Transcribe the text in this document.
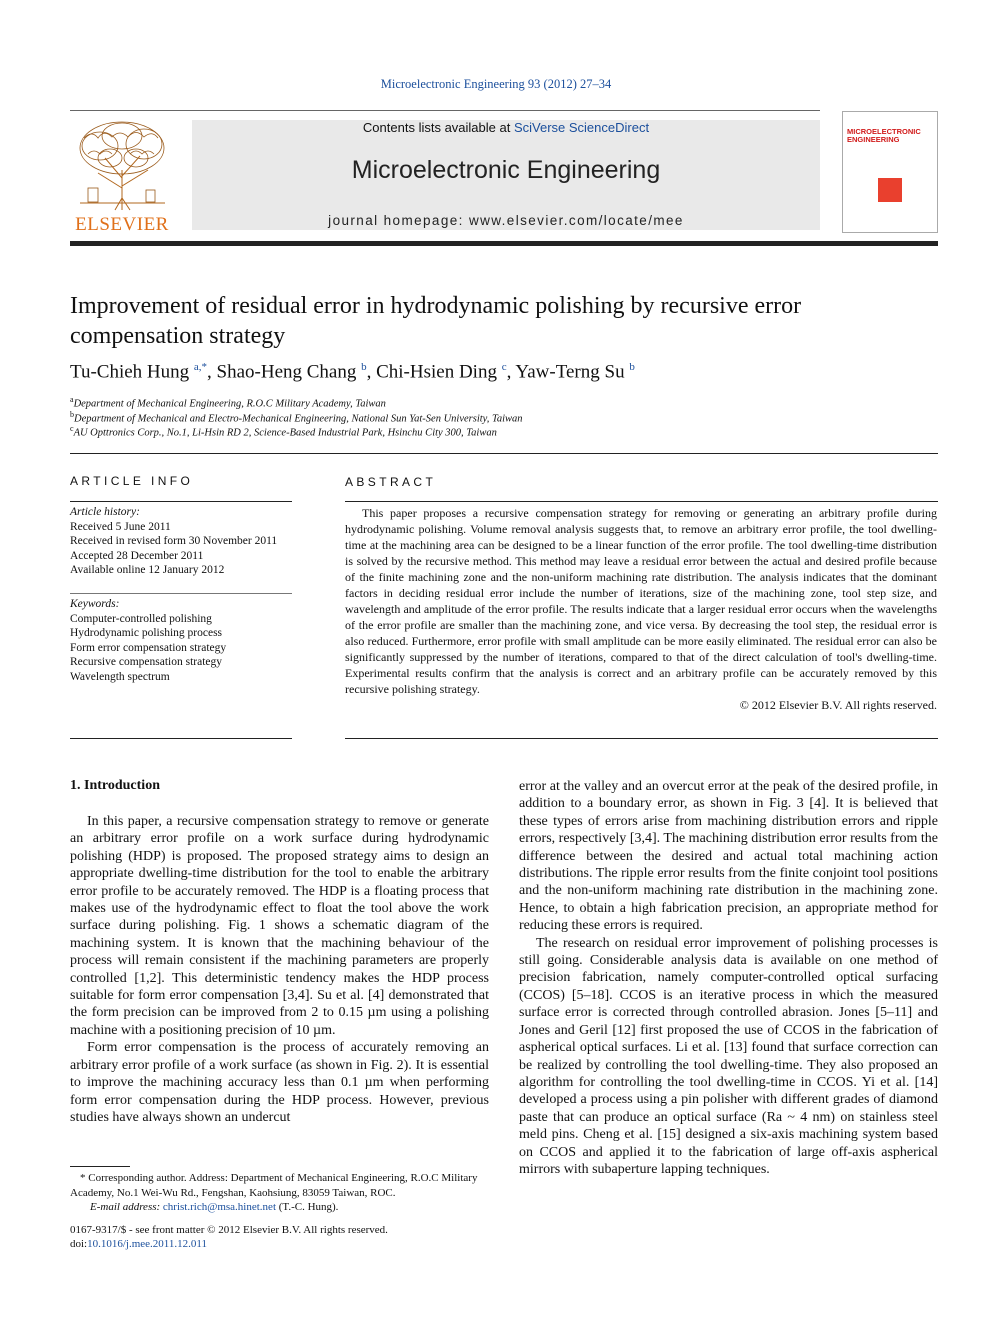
Microelectronic Engineering 93 (2012) 27–34
ELSEVIER
Contents lists available at SciVerse ScienceDirect
Microelectronic Engineering
journal homepage: www.elsevier.com/locate/mee
MICROELECTRONIC ENGINEERING
Improvement of residual error in hydrodynamic polishing by recursive error compensation strategy
Tu-Chieh Hung $^{a,*}$, Shao-Heng Chang $^b$, Chi-Hsien Ding $^c$, Yaw-Terng Su $^b$
$^a$Department of Mechanical Engineering, R.O.C Military Academy, Taiwan
$^b$Department of Mechanical and Electro-Mechanical Engineering, National Sun Yat-Sen University, Taiwan
$^c$AU Opttronics Corp., No.1, Li-Hsin RD 2, Science-Based Industrial Park, Hsinchu City 300, Taiwan
ARTICLE INFO
Article history:
Received 5 June 2011
Received in revised form 30 November 2011
Accepted 28 December 2011
Available online 12 January 2012
Keywords:
Computer-controlled polishing
Hydrodynamic polishing process
Form error compensation strategy
Recursive compensation strategy
Wavelength spectrum
ABSTRACT
This paper proposes a recursive compensation strategy for removing or generating an arbitrary profile during hydrodynamic polishing. Volume removal analysis suggests that, to remove an arbitrary error profile, the tool dwelling-time at the machining area can be designed to be a linear function of the error profile. The tool dwelling-time distribution is solved by the recursive method. This method may leave a residual error between the actual and desired profile because of the finite machining zone and the non-uniform machining rate distribution. The analysis indicates that the dominant factors in deciding residual error include the number of iterations, size of the machining zone, tool step size, and wavelength and amplitude of the error profile. The results indicate that a larger residual error occurs when the wavelengths of the error profile are smaller than the machining zone, and vice versa. By decreasing the tool step, the residual error is also reduced. Furthermore, error profile with small amplitude can be more easily eliminated. The residual error can also be significantly suppressed by the number of iterations, compared to that of the direct calculation of tool's dwelling-time. Experimental results confirm that the analysis is correct and an arbitrary profile can be accurately removed by this recursive polishing strategy.
© 2012 Elsevier B.V. All rights reserved.
1. Introduction

In this paper, a recursive compensation strategy to remove or generate an arbitrary error profile on a work surface during hydrodynamic polishing (HDP) is proposed. The proposed strategy aims to design an appropriate dwelling-time distribution for the tool to enable the arbitrary error profile to be accurately removed. The HDP is a floating process that makes use of the hydrodynamic effect to float the tool above the work surface during polishing. Fig. 1 shows a schematic diagram of the machining system. It is known that the machining behaviour of the process will remain consistent if the machining parameters are properly controlled [1,2]. This deterministic tendency makes the HDP process suitable for form error compensation [3,4]. Su et al. [4] demonstrated that the form precision can be improved from 2 to 0.15 µm using a polishing machine with a positioning precision of 10 µm.

Form error compensation is the process of accurately removing an arbitrary error profile of a work surface (as shown in Fig. 2). It is essential to improve the machining accuracy less than 0.1 µm when performing form error compensation during the HDP process. However, previous studies have always shown an undercut

error at the valley and an overcut error at the peak of the desired profile, in addition to a boundary error, as shown in Fig. 3 [4]. It is believed that these types of errors arise from machining distribution errors and ripple errors, respectively [3,4]. The machining distribution error results from the difference between the desired and actual total machining action distributions. The ripple error results from the finite conjoint tool positions and the non-uniform machining rate distribution in the machining zone. Hence, to obtain a high fabrication precision, an appropriate method for reducing these errors is required.

The research on residual error improvement of polishing processes is still going. Considerable analysis data is available on one method of precision fabrication, namely computer-controlled optical surfacing (CCOS) [5–18]. CCOS is an iterative process in which the measured surface error is corrected through controlled abrasion. Jones [5–11] and Jones and Geril [12] first proposed the use of CCOS in the fabrication of aspherical optical surfaces. Li et al. [13] found that surface correction can be realized by controlling the tool dwelling-time. They also proposed an algorithm for controlling the tool dwelling-time in CCOS. Yi et al. [14] developed a process using a pin polisher with different grades of diamond paste that can produce an optical surface (Ra ~ 4 nm) on stainless steel meld pins. Cheng et al. [15] designed a six-axis machining system based on CCOS and applied it to the fabrication of large off-axis aspherical mirrors with subaperture lapping techniques.

* Corresponding author. Address: Department of Mechanical Engineering, R.O.C Military Academy, No.1 Wei-Wu Rd., Fengshan, Kaohsiung, 83059 Taiwan, ROC.
E-mail address: christ.rich@msa.hinet.net (T.-C. Hung).
0167-9317/$ - see front matter © 2012 Elsevier B.V. All rights reserved.
doi:10.1016/j.mee.2011.12.011
